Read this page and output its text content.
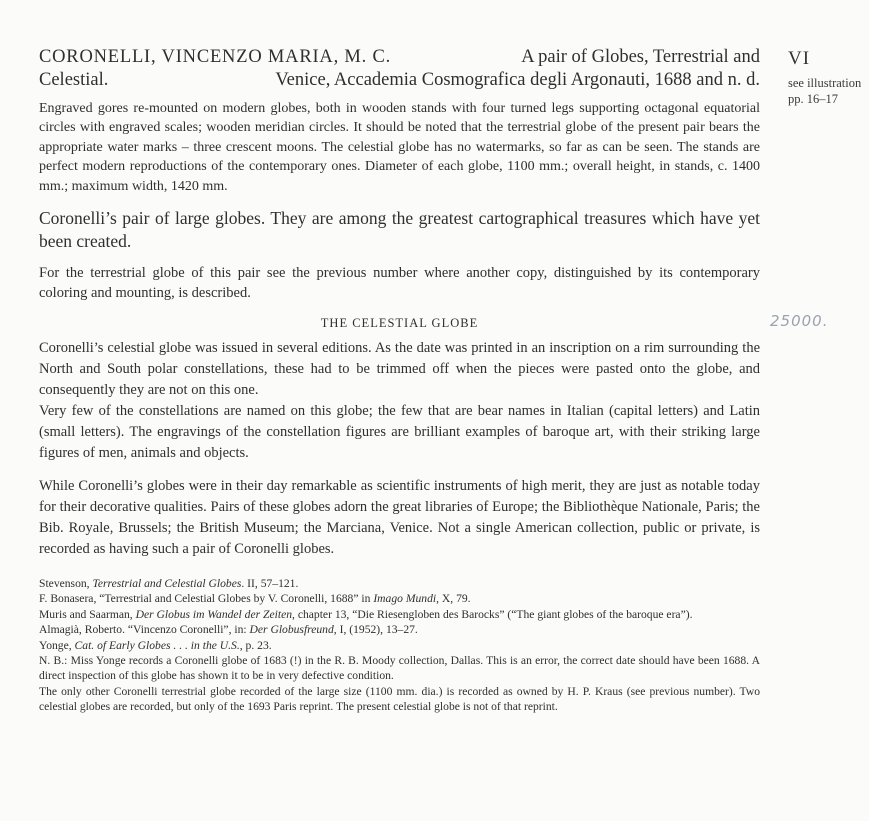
VI
see illustration pp. 16–17
25000.
CORONELLI, VINCENZO MARIA, M. C.	A pair of Globes, Terrestrial and
Celestial.	Venice, Accademia Cosmografica degli Argonauti, 1688 and n. d.

Engraved gores re-mounted on modern globes, both in wooden stands with four turned legs supporting octagonal equatorial circles with engraved scales; wooden meridian circles. It should be noted that the terrestrial globe of the present pair bears the appropriate water marks – three crescent moons. The celestial globe has no watermarks, so far as can be seen. The stands are perfect modern reproductions of the contemporary ones. Diameter of each globe, 1100 mm.; overall height, in stands, c. 1400 mm.; maximum width, 1420 mm.

Coronelli’s pair of large globes. They are among the greatest cartographical treasures which have yet been created.

For the terrestrial globe of this pair see the previous number where another copy, distinguished by its contemporary coloring and mounting, is described.

THE CELESTIAL GLOBE

Coronelli’s celestial globe was issued in several editions. As the date was printed in an inscription on a rim surrounding the North and South polar constellations, these had to be trimmed off when the pieces were pasted onto the globe, and consequently they are not on this one.

Very few of the constellations are named on this globe; the few that are bear names in Italian (capital letters) and Latin (small letters). The engravings of the constellation figures are brilliant examples of baroque art, with their striking large figures of men, animals and objects.

While Coronelli’s globes were in their day remarkable as scientific instruments of high merit, they are just as notable today for their decorative qualities. Pairs of these globes adorn the great libraries of Europe; the Bibliothèque Nationale, Paris; the Bib. Royale, Brussels; the British Museum; the Marciana, Venice. Not a single American collection, public or private, is recorded as having such a pair of Coronelli globes.

Stevenson, Terrestrial and Celestial Globes. II, 57–121.

F. Bonasera, “Terrestrial and Celestial Globes by V. Coronelli, 1688” in Imago Mundi, X, 79.

Muris and Saarman, Der Globus im Wandel der Zeiten, chapter 13, “Die Riesengloben des Barocks” (“The giant globes of the baroque era”).

Almagià, Roberto. “Vincenzo Coronelli”, in: Der Globusfreund, I, (1952), 13–27.

Yonge, Cat. of Early Globes . . . in the U.S., p. 23.

N. B.: Miss Yonge records a Coronelli globe of 1683 (!) in the R. B. Moody collection, Dallas. This is an error, the correct date should have been 1688. A direct inspection of this globe has shown it to be in very defective condition.

The only other Coronelli terrestrial globe recorded of the large size (1100 mm. dia.) is recorded as owned by H. P. Kraus (see previous number). Two celestial globes are recorded, but only of the 1693 Paris reprint. The present celestial globe is not of that reprint.
